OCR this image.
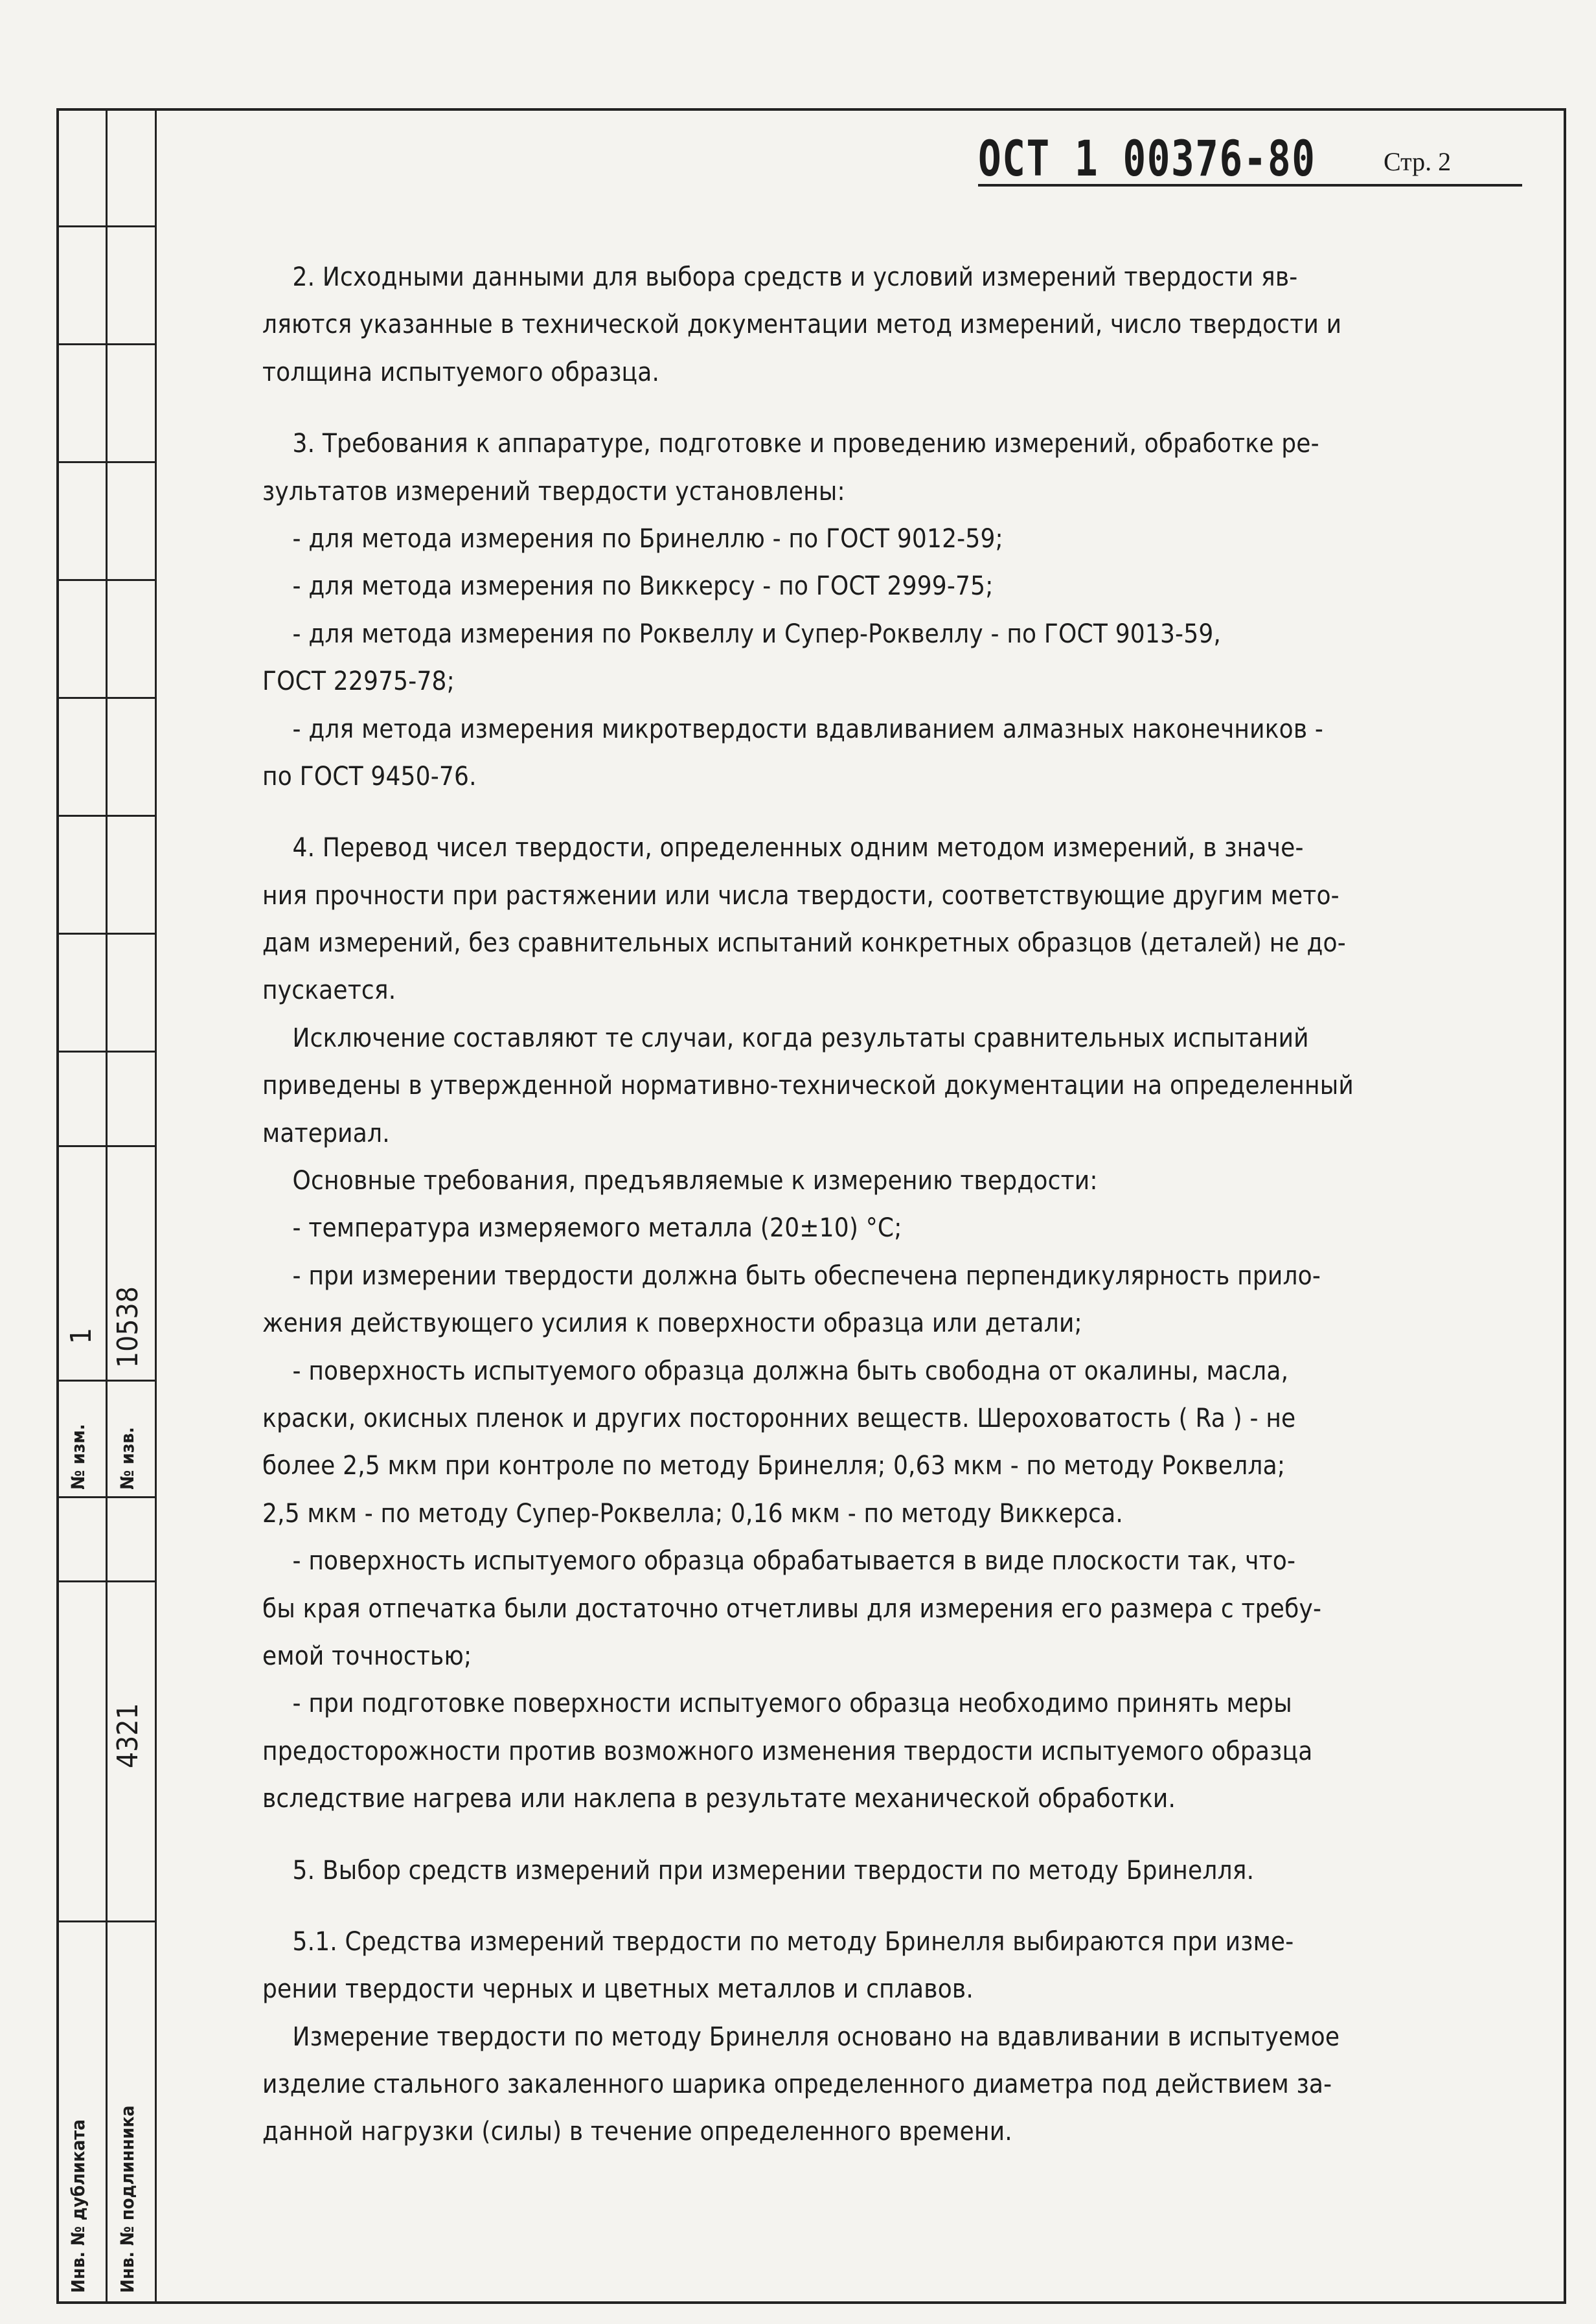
№ изм. № изв.
1 10538
4321
Инв. № дубликата Инв. № подлинника
ОСТ 1 00376-80	Стр. 2
2. Исходными данными для выбора средств и условий измерений твердости яв-
ляются указанные в технической документации метод измерений, число твердости и
толщина испытуемого образца.
3. Требования к аппаратуре, подготовке и проведению измерений, обработке ре-
зультатов измерений твердости установлены:
- для метода измерения по Бринеллю - по ГОСТ 9012-59;
- для метода измерения по Виккерсу - по ГОСТ 2999-75;
- для метода измерения по Роквеллу и Супер-Роквеллу - по ГОСТ 9013-59,
ГОСТ 22975-78;
- для метода измерения микротвердости вдавливанием алмазных наконечников -
по ГОСТ 9450-76.
4. Перевод чисел твердости, определенных одним методом измерений, в значе-
ния прочности при растяжении или числа твердости, соответствующие другим мето-
дам измерений, без сравнительных испытаний конкретных образцов (деталей) не до-
пускается.
Исключение составляют те случаи, когда результаты сравнительных испытаний
приведены в утвержденной нормативно-технической документации на определенный
материал.
Основные требования, предъявляемые к измерению твердости:
- температура измеряемого металла (20±10) °С;
- при измерении твердости должна быть обеспечена перпендикулярность прило-
жения действующего усилия к поверхности образца или детали;
- поверхность испытуемого образца должна быть свободна от окалины, масла,
краски, окисных пленок и других посторонних веществ. Шероховатость ( Ra ) - не
более 2,5 мкм при контроле по методу Бринелля; 0,63 мкм - по методу Роквелла;
2,5 мкм - по методу Супер-Роквелла; 0,16 мкм - по методу Виккерса.
- поверхность испытуемого образца обрабатывается в виде плоскости так, что-
бы края отпечатка были достаточно отчетливы для измерения его размера с требу-
емой точностью;
- при подготовке поверхности испытуемого образца необходимо принять меры
предосторожности против возможного изменения твердости испытуемого образца
вследствие нагрева или наклепа в результате механической обработки.
5. Выбор средств измерений при измерении твердости по методу Бринелля.
5.1. Средства измерений твердости по методу Бринелля выбираются при изме-
рении твердости черных и цветных металлов и сплавов.
Измерение твердости по методу Бринелля основано на вдавливании в испытуемое
изделие стального закаленного шарика определенного диаметра под действием за-
данной нагрузки (силы) в течение определенного времени.
